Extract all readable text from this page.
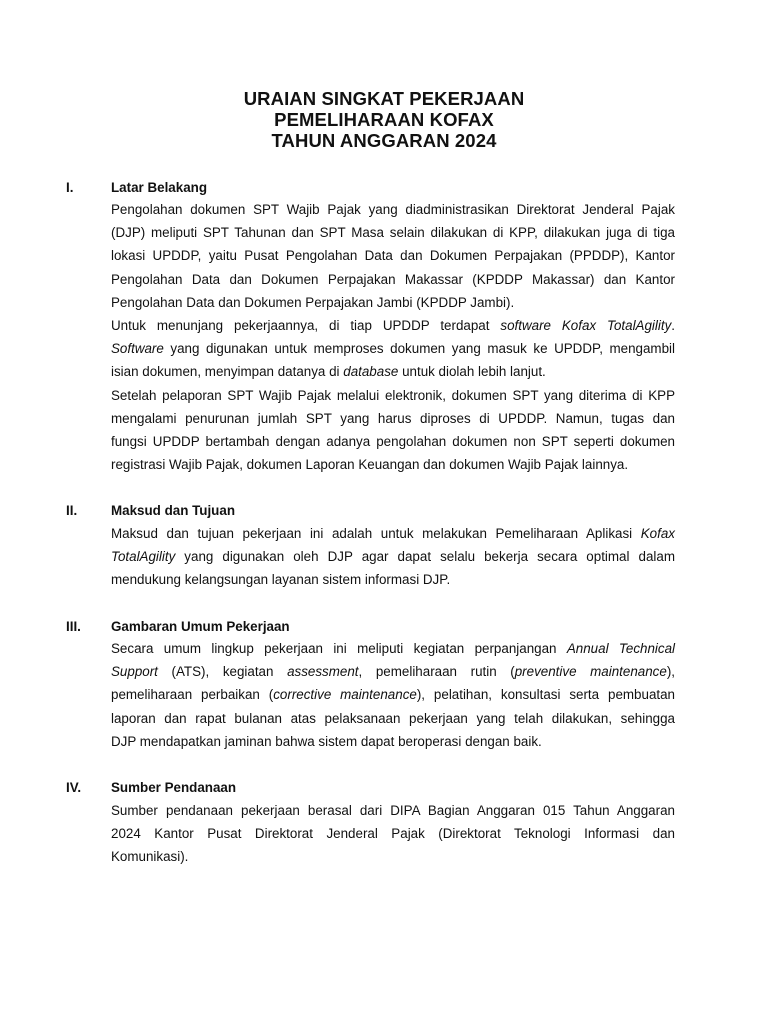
URAIAN SINGKAT PEKERJAAN
PEMELIHARAAN KOFAX
TAHUN ANGGARAN 2024
I.	Latar Belakang
Pengolahan dokumen SPT Wajib Pajak yang diadministrasikan Direktorat Jenderal Pajak
(DJP) meliputi SPT Tahunan dan SPT Masa selain dilakukan di KPP, dilakukan juga di tiga
lokasi UPDDP, yaitu Pusat Pengolahan Data dan Dokumen Perpajakan (PPDDP), Kantor
Pengolahan Data dan Dokumen Perpajakan Makassar (KPDDP Makassar) dan Kantor
Pengolahan Data dan Dokumen Perpajakan Jambi (KPDDP Jambi).
Untuk menunjang pekerjaannya, di tiap UPDDP terdapat software Kofax TotalAgility.
Software yang digunakan untuk memproses dokumen yang masuk ke UPDDP, mengambil
isian dokumen, menyimpan datanya di database untuk diolah lebih lanjut.
Setelah pelaporan SPT Wajib Pajak melalui elektronik, dokumen SPT yang diterima di KPP
mengalami penurunan jumlah SPT yang harus diproses di UPDDP. Namun, tugas dan
fungsi UPDDP bertambah dengan adanya pengolahan dokumen non SPT seperti dokumen
registrasi Wajib Pajak, dokumen Laporan Keuangan dan dokumen Wajib Pajak lainnya.
II.	Maksud dan Tujuan
Maksud dan tujuan pekerjaan ini adalah untuk melakukan Pemeliharaan Aplikasi Kofax
TotalAgility yang digunakan oleh DJP agar dapat selalu bekerja secara optimal dalam
mendukung kelangsungan layanan sistem informasi DJP.
III.	Gambaran Umum Pekerjaan
Secara umum lingkup pekerjaan ini meliputi kegiatan perpanjangan Annual Technical
Support (ATS), kegiatan assessment, pemeliharaan rutin (preventive maintenance),
pemeliharaan perbaikan (corrective maintenance), pelatihan, konsultasi serta pembuatan
laporan dan rapat bulanan atas pelaksanaan pekerjaan yang telah dilakukan, sehingga
DJP mendapatkan jaminan bahwa sistem dapat beroperasi dengan baik.
IV.	Sumber Pendanaan
Sumber pendanaan pekerjaan berasal dari DIPA Bagian Anggaran 015 Tahun Anggaran
2024 Kantor Pusat Direktorat Jenderal Pajak (Direktorat Teknologi Informasi dan
Komunikasi).
